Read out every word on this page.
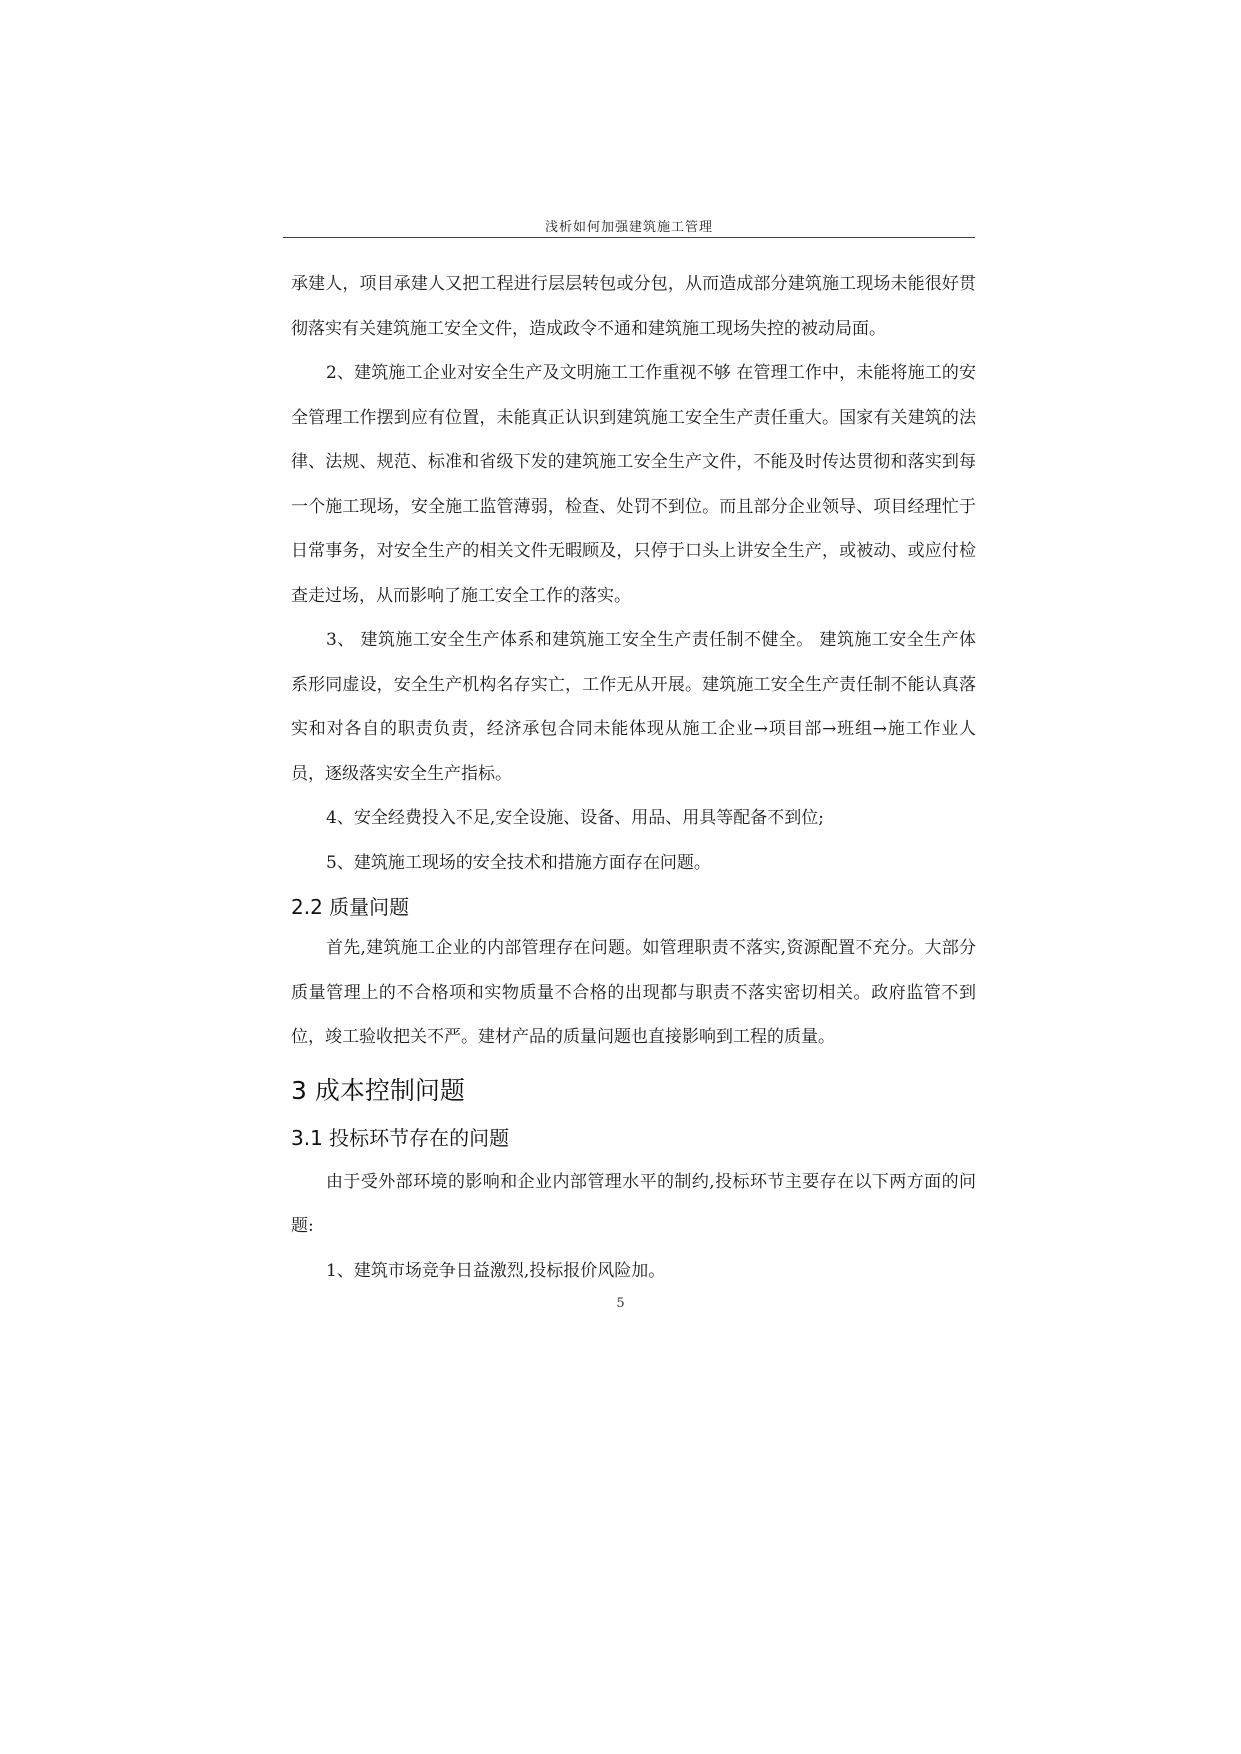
浅析如何加强建筑施工管理

承建人，项目承建人又把工程进行层层转包或分包，从而造成部分建筑施工现场未能很好贯彻落实有关建筑施工安全文件，造成政令不通和建筑施工现场失控的被动局面。

2、建筑施工企业对安全生产及文明施工工作重视不够 在管理工作中，未能将施工的安全管理工作摆到应有位置，未能真正认识到建筑施工安全生产责任重大。国家有关建筑的法律、法规、规范、标准和省级下发的建筑施工安全生产文件，不能及时传达贯彻和落实到每一个施工现场，安全施工监管薄弱，检查、处罚不到位。而且部分企业领导、项目经理忙于日常事务，对安全生产的相关文件无暇顾及，只停于口头上讲安全生产，或被动、或应付检查走过场，从而影响了施工安全工作的落实。

3、 建筑施工安全生产体系和建筑施工安全生产责任制不健全。 建筑施工安全生产体系形同虚设，安全生产机构名存实亡，工作无从开展。建筑施工安全生产责任制不能认真落实和对各自的职责负责，经济承包合同未能体现从施工企业→项目部→班组→施工作业人员，逐级落实安全生产指标。

4、安全经费投入不足,安全设施、设备、用品、用具等配备不到位;

5、建筑施工现场的安全技术和措施方面存在问题。

2.2 质量问题

首先,建筑施工企业的内部管理存在问题。如管理职责不落实,资源配置不充分。大部分质量管理上的不合格项和实物质量不合格的出现都与职责不落实密切相关。政府监管不到位，竣工验收把关不严。建材产品的质量问题也直接影响到工程的质量。

3 成本控制问题
3.1 投标环节存在的问题

由于受外部环境的影响和企业内部管理水平的制约,投标环节主要存在以下两方面的问题:

1、建筑市场竞争日益激烈,投标报价风险加。

5
